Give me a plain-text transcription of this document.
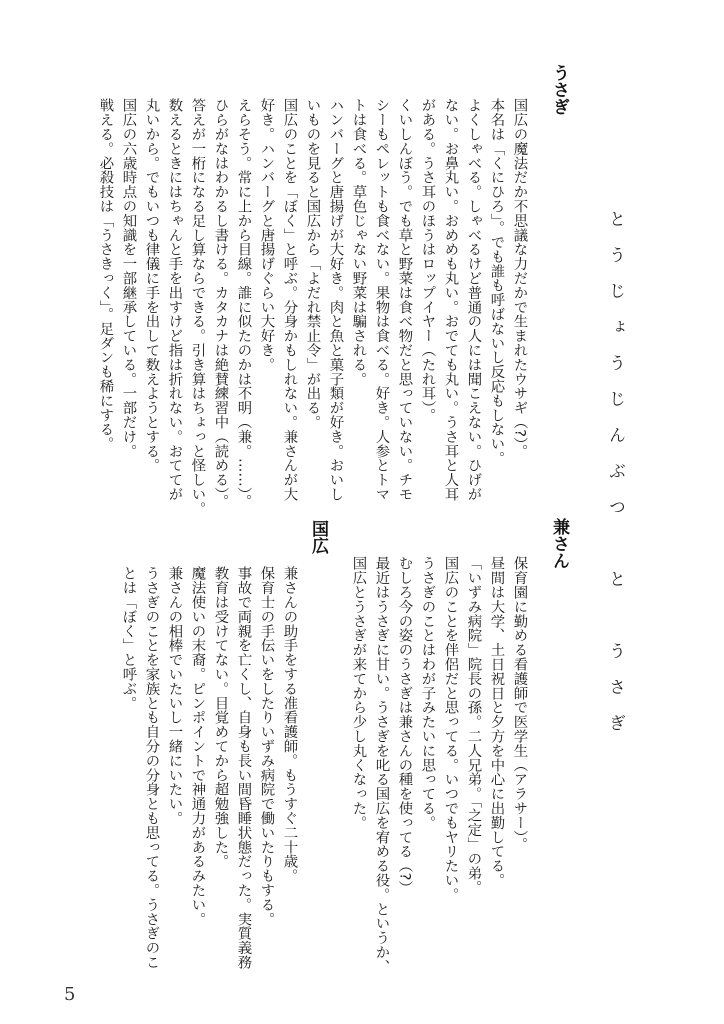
とうじょうじんぶつ　と　うさぎ
うさぎ
国広の魔法だか不思議な力だかで生まれたウサギ（?）。
本名は「くにひろ」。でも誰も呼ばないし反応もしない。
よくしゃべる。しゃべるけど普通の人には聞こえない。ひげが
ない。お鼻丸い。おめめも丸い。おでても丸い。うさ耳と人耳
がある。うさ耳のほうはロップイヤー（たれ耳）。
くいしんぼう。でも草と野菜は食べ物だと思っていない。チモ
シーもペレットも食べない。果物は食べる。好き。人参とトマ
トは食べる。草色じゃない野菜は騙される。
ハンバーグと唐揚げが大好き。肉と魚と菓子類が好き。おいし
いものを見ると国広から「よだれ禁止令」が出る。
国広のことを「ぼく」と呼ぶ。分身かもしれない。兼さんが大
好き。ハンバーグと唐揚げぐらい大好き。
えらそう。常に上から目線。誰に似たのかは不明（兼。……）。
ひらがなはわかるし書ける。カタカナは絶賛練習中（読める）。
答えが一桁になる足し算ならできる。引き算はちょっと怪しい。
数えるときにはちゃんと手を出すけど指は折れない。おててが
丸いから。でもいつも律儀に手を出して数えようとする。
国広の六歳時点の知識を一部継承している。一部だけ。
戦える。必殺技は「うさきっく」。足ダンも稀にする。
兼さん
保育園に勤める看護師で医学生（アラサー）。
昼間は大学、土日祝日と夕方を中心に出勤してる。
「いずみ病院」院長の孫。二人兄弟。「之定」の弟。
国広のことを伴侶だと思ってる。いつでもヤリたい。
うさぎのことはわが子みたいに思ってる。
むしろ今の姿のうさぎは兼さんの種を使ってる（?）
最近はうさぎに甘い。うさぎを叱る国広を宥める役。というか、
国広とうさぎが来てから少し丸くなった。
国広
兼さんの助手をする准看護師。もうすぐ二十歳。
保育士の手伝いをしたりいずみ病院で働いたりもする。
事故で両親を亡くし、自身も長い間昏睡状態だった。実質義務
教育は受けてない。目覚めてから超勉強した。
魔法使いの末裔。ピンポイントで神通力があるみたい。
兼さんの相棒でいたいし一緒にいたい。
うさぎのことを家族とも自分の分身とも思ってる。うさぎのこ
とは「ぼく」と呼ぶ。
5
